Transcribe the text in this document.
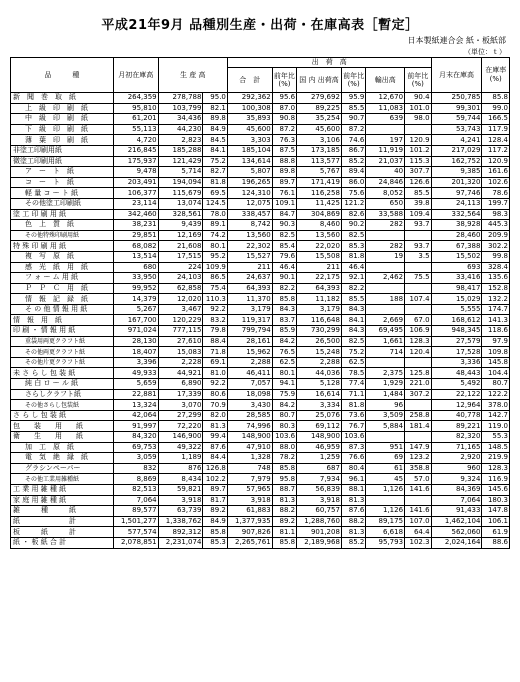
平成21年9月 品種別生産・出荷・在庫高表［暫定］
日本製紙連合会 紙・板紙部
（単位：ｔ）
品　　　種	月初在庫高	生 産 高		出　荷　高						月末在庫高	在庫率(%)
				合　計	前年比(%)	国 内 出荷高	前年比(%)	輸出高	前年比(%)		
新　聞　巻　取　紙	264,359	278,788	95.0	292,362	95.6	279,692	95.9	12,670	90.4	250,785	85.8
上　級　印　刷　紙	95,810	103,799	82.1	100,308	87.0	89,225	85.5	11,083	101.0	99,301	99.0
中　級　印　刷　紙	61,201	34,436	89.8	35,893	90.8	35,254	90.7	639	98.0	59,744	166.5
下　級　印　刷　紙	55,113	44,230	84.9	45,600	87.2	45,600	87.2			53,743	117.9
薄　葉　印　刷　紙	4,720	2,823	84.5	3,303	76.3	3,106	74.6	197	120.9	4,241	128.4
非塗工印刷用紙	216,845	185,288	84.1	185,104	87.5	173,185	86.7	11,919	101.2	217,029	117.2
微塗工印刷用紙	175,937	121,429	75.2	134,614	88.8	113,577	85.2	21,037	115.3	162,752	120.9
ア　ー　ト　紙	9,478	5,714	82.7	5,807	89.8	5,767	89.4	40	307.7	9,385	161.6
コ　ー　ト　紙	203,491	194,094	81.8	196,265	89.7	171,419	86.0	24,846	126.6	201,320	102.6
軽 量 コ ー ト 紙	106,377	115,679	69.5	124,310	76.1	116,258	75.6	8,052	85.5	97,746	78.6
その他塗工印刷紙	23,114	13,074	124.5	12,075	109.1	11,425	121.2	650	39.8	24,113	199.7
塗 工 印 刷 用 紙	342,460	328,561	78.0	338,457	84.7	304,869	82.6	33,588	109.4	332,564	98.3
色　上　質　紙	38,231	9,439	89.1	8,742	90.3	8,460	90.2	282	93.7	38,928	445.3
その他特殊印刷用紙	29,851	12,169	74.2	13,560	82.5	13,560	82.5			28,460	209.9
特 殊 印 刷 用 紙	68,082	21,608	80.1	22,302	85.4	22,020	85.3	282	93.7	67,388	302.2
複　写　原　紙	13,514	17,515	95.2	15,527	79.6	15,508	81.8	19	3.5	15,502	99.8
感　光　紙　用　紙	680	224	109.9	211	46.4	211	46.4			693	328.4
フ ォ ー ム 用 紙	33,950	24,103	86.5	24,637	90.1	22,175	92.1	2,462	75.5	33,416	135.6
Ｐ　Ｐ　Ｃ　用　紙	99,952	62,858	75.4	64,393	82.2	64,393	82.2			98,417	152.8
情　報　記　録　紙	14,379	12,020	110.3	11,370	85.8	11,182	85.5	188	107.4	15,029	132.2
そ の 他 情 報 用 紙	5,267	3,467	92.2	3,179	84.3	3,179	84.3			5,555	174.7
情　報　用　紙	167,700	120,229	83.2	119,317	83.7	116,648	84.1	2,669	67.0	168,612	141.3
印 刷 ・ 情 報 用 紙	971,024	777,115	79.8	799,794	85.9	730,299	84.3	69,495	106.9	948,345	118.6
重袋用両更クラフト紙	28,130	27,610	88.4	28,161	84.2	26,500	82.5	1,661	128.3	27,579	97.9
その他両更クラフト紙	18,407	15,083	71.8	15,962	76.5	15,248	75.2	714	120.4	17,528	109.8
その他片更クラフト紙	3,396	2,228	69.1	2,288	62.5	2,288	62.5			3,336	145.8
未 さ ら し 包 装 紙	49,933	44,921	81.0	46,411	80.1	44,036	78.5	2,375	125.8	48,443	104.4
純 白 ロ ー ル 紙	5,659	6,890	92.2	7,057	94.1	5,128	77.4	1,929	221.0	5,492	80.7
さらしクラフト紙	22,881	17,339	80.6	18,098	75.9	16,614	71.1	1,484	307.2	22,122	122.2
その他さらし包装紙	13,324	3,070	70.9	3,430	84.2	3,334	81.8	96		12,964	378.0
さ ら し 包 装 紙	42,064	27,299	82.0	28,585	80.7	25,076	73.6	3,509	258.8	40,778	142.7
包　　装　　用　　紙	91,997	72,220	81.3	74,996	80.3	69,112	76.7	5,884	181.4	89,221	119.0
衛　　生　　用　　紙	84,320	146,900	99.4	148,900	103.6	148,900	103.6			82,320	55.3
加　工　原　紙	69,753	49,322	87.6	47,910	88.0	46,959	87.3	951	147.9	71,165	148.5
電　気　絶　縁　紙	3,059	1,189	84.4	1,328	78.2	1,259	76.6	69	123.2	2,920	219.9
グラシンペーパー	832	876	126.8	748	85.8	687	80.4	61	358.8	960	128.3
その他工業用雑種紙	8,869	8,434	102.2	7,979	95.8	7,934	96.1	45	57.0	9,324	116.9
工 業 用 雑 種 紙	82,513	59,821	89.7	57,965	88.7	56,839	88.1	1,126	141.6	84,369	145.6
家 庭 用 雑 種 紙	7,064	3,918	81.7	3,918	81.3	3,918	81.3			7,064	180.3
雑　　　種　　　紙	89,577	63,739	89.2	61,883	88.2	60,757	87.6	1,126	141.6	91,433	147.8
紙　　　　　　　計	1,501,277	1,338,762	84.9	1,377,935	89.2	1,288,760	88.2	89,175	107.0	1,462,104	106.1
板　　　紙　　　計	577,574	892,312	85.8	907,826	81.1	901,208	81.3	6,618	64.4	562,060	61.9
紙 ・ 板 紙 合 計	2,078,851	2,231,074	85.3	2,265,761	85.8	2,189,968	85.2	95,793	102.3	2,024,164	88.6
